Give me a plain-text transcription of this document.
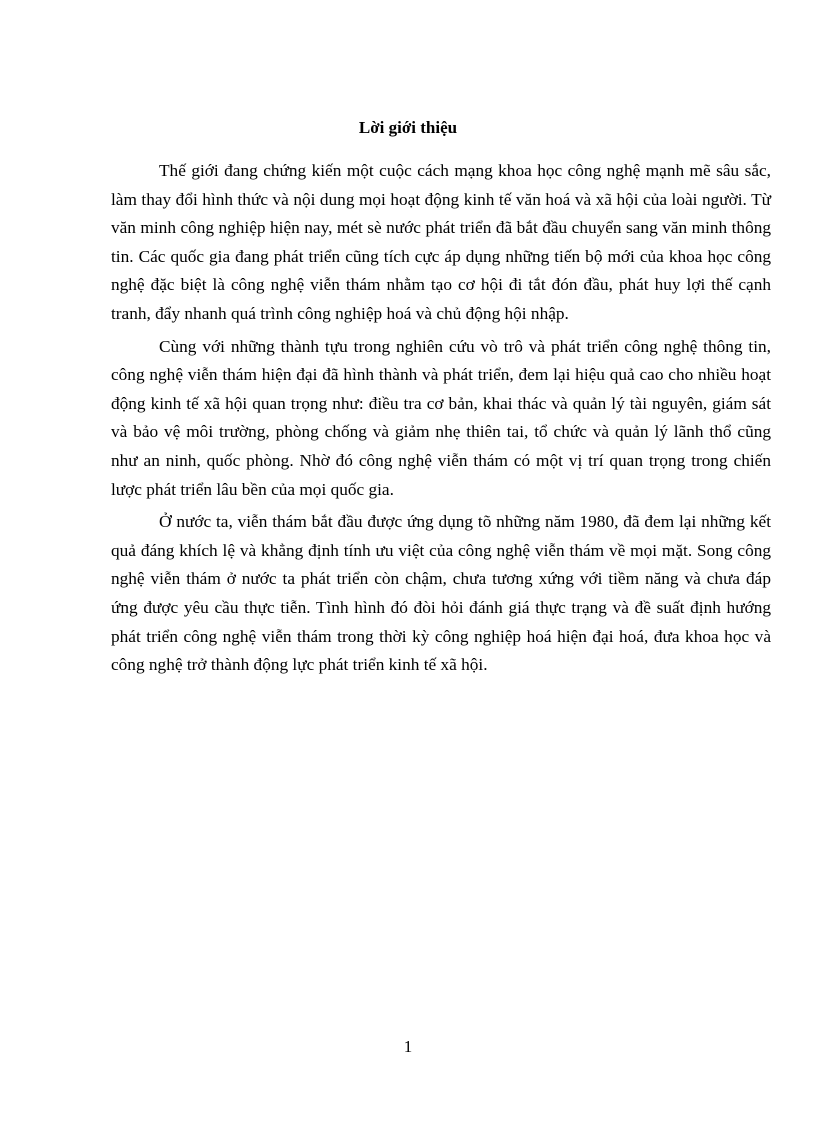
Lời giới thiệu

Thế giới đang chứng kiến một cuộc cách mạng khoa học công nghệ mạnh mẽ sâu sắc, làm thay đổi hình thức và nội dung mọi hoạt động kinh tế văn hoá và xã hội của loài người. Từ văn minh công nghiệp hiện nay, mét sè nước phát triển đã bắt đầu chuyển sang văn minh thông tin. Các quốc gia đang phát triển cũng tích cực áp dụng những tiến bộ mới của khoa học công nghệ đặc biệt là công nghệ viễn thám nhằm tạo cơ hội đi tắt đón đầu, phát huy lợi thế cạnh tranh, đẩy nhanh quá trình công nghiệp hoá và chủ động hội nhập.

Cùng với những thành tựu trong nghiên cứu vò trô và phát triển công nghệ thông tin, công nghệ viễn thám hiện đại đã hình thành và phát triển, đem lại hiệu quả cao cho nhiều hoạt động kinh tế xã hội quan trọng như: điều tra cơ bản, khai thác và quản lý tài nguyên, giám sát và bảo vệ môi trường, phòng chống và giảm nhẹ thiên tai, tổ chức và quản lý lãnh thổ cũng như an ninh, quốc phòng. Nhờ đó công nghệ viễn thám có một vị trí quan trọng trong chiến lược phát triển lâu bền của mọi quốc gia.

Ở nước ta, viễn thám bắt đầu được ứng dụng tõ những năm 1980, đã đem lại những kết quả đáng khích lệ và khẳng định tính ưu việt của công nghệ viễn thám về mọi mặt. Song công nghệ viễn thám ở nước ta phát triển còn chậm, chưa tương xứng với tiềm năng và chưa đáp ứng được yêu cầu thực tiễn. Tình hình đó đòi hỏi đánh giá thực trạng và đề suất định hướng phát triển công nghệ viễn thám trong thời kỳ công nghiệp hoá hiện đại hoá, đưa khoa học và công nghệ trở thành động lực phát triển kinh tế xã hội.

1
